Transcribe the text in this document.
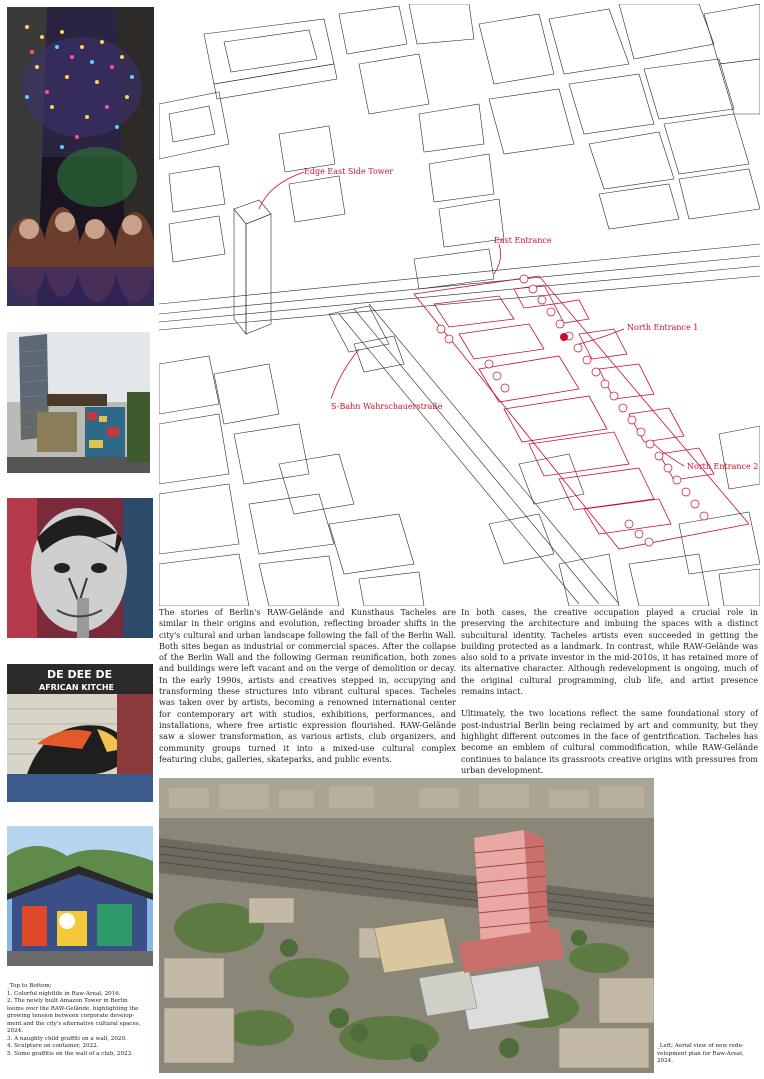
DE DEE DE
AFRICAN KITCHE
_Top to Bottom;
1. Colorful nightlife in Raw-Areal, 2016.
2. The newly built Amazon Tower in Berlin
looms over the RAW-Gelände, highlighting the
growing tension between corporate develop-
ment and the city's alternative cultural spaces,
2024.
3. A naughty child graffiti on a wall, 2020.
4. Sculpture on container, 2022.
5. Some graffitis on the wall of a club, 2023.
Edge East Side Tower
East Entrance
North Entrance 1
S-Bahn Wahrschauerstraße
North Entrance 2

The stories of Berlin's RAW-Gelände and Kunsthaus Tacheles are similar in their origins and evolution, reflecting broader shifts in the city's cultural and urban landscape following the fall of the Berlin Wall. Both sites began as industrial or commercial spaces. After the collapse of the Berlin Wall and the following German reunification, both zones and buildings were left vacant and on the verge of demolition or decay. In the early 1990s, artists and creatives stepped in, occupying and transforming these structures into vibrant cultural spaces. Tacheles was taken over by artists, becoming a renowned international center for contemporary art with studios, exhibitions, performances, and installations, where free artistic expression flourished. RAW-Gelände saw a slower transformation, as various artists, club organizers, and community groups turned it into a mixed-use cultural complex featuring clubs, galleries, skateparks, and public events.

In both cases, the creative occupation played a crucial role in preserving the architecture and imbuing the spaces with a distinct subcultural identity. Tacheles artists even succeeded in getting the building protected as a landmark. In contrast, while RAW-Gelände was also sold to a private investor in the mid-2010s, it has retained more of its alternative character. Although redevelopment is ongoing, much of the original cultural programming, club life, and artist presence remains intact.

Ultimately, the two locations reflect the same foundational story of post-industrial Berlin being reclaimed by art and community, but they highlight different outcomes in the face of gentrification. Tacheles has become an emblem of cultural commodification, while RAW-Gelände continues to balance its grassroots creative origins with pressures from urban development.

_Left; Aerial view of new rede-
velopment plan for Raw-Areal,
2024.
